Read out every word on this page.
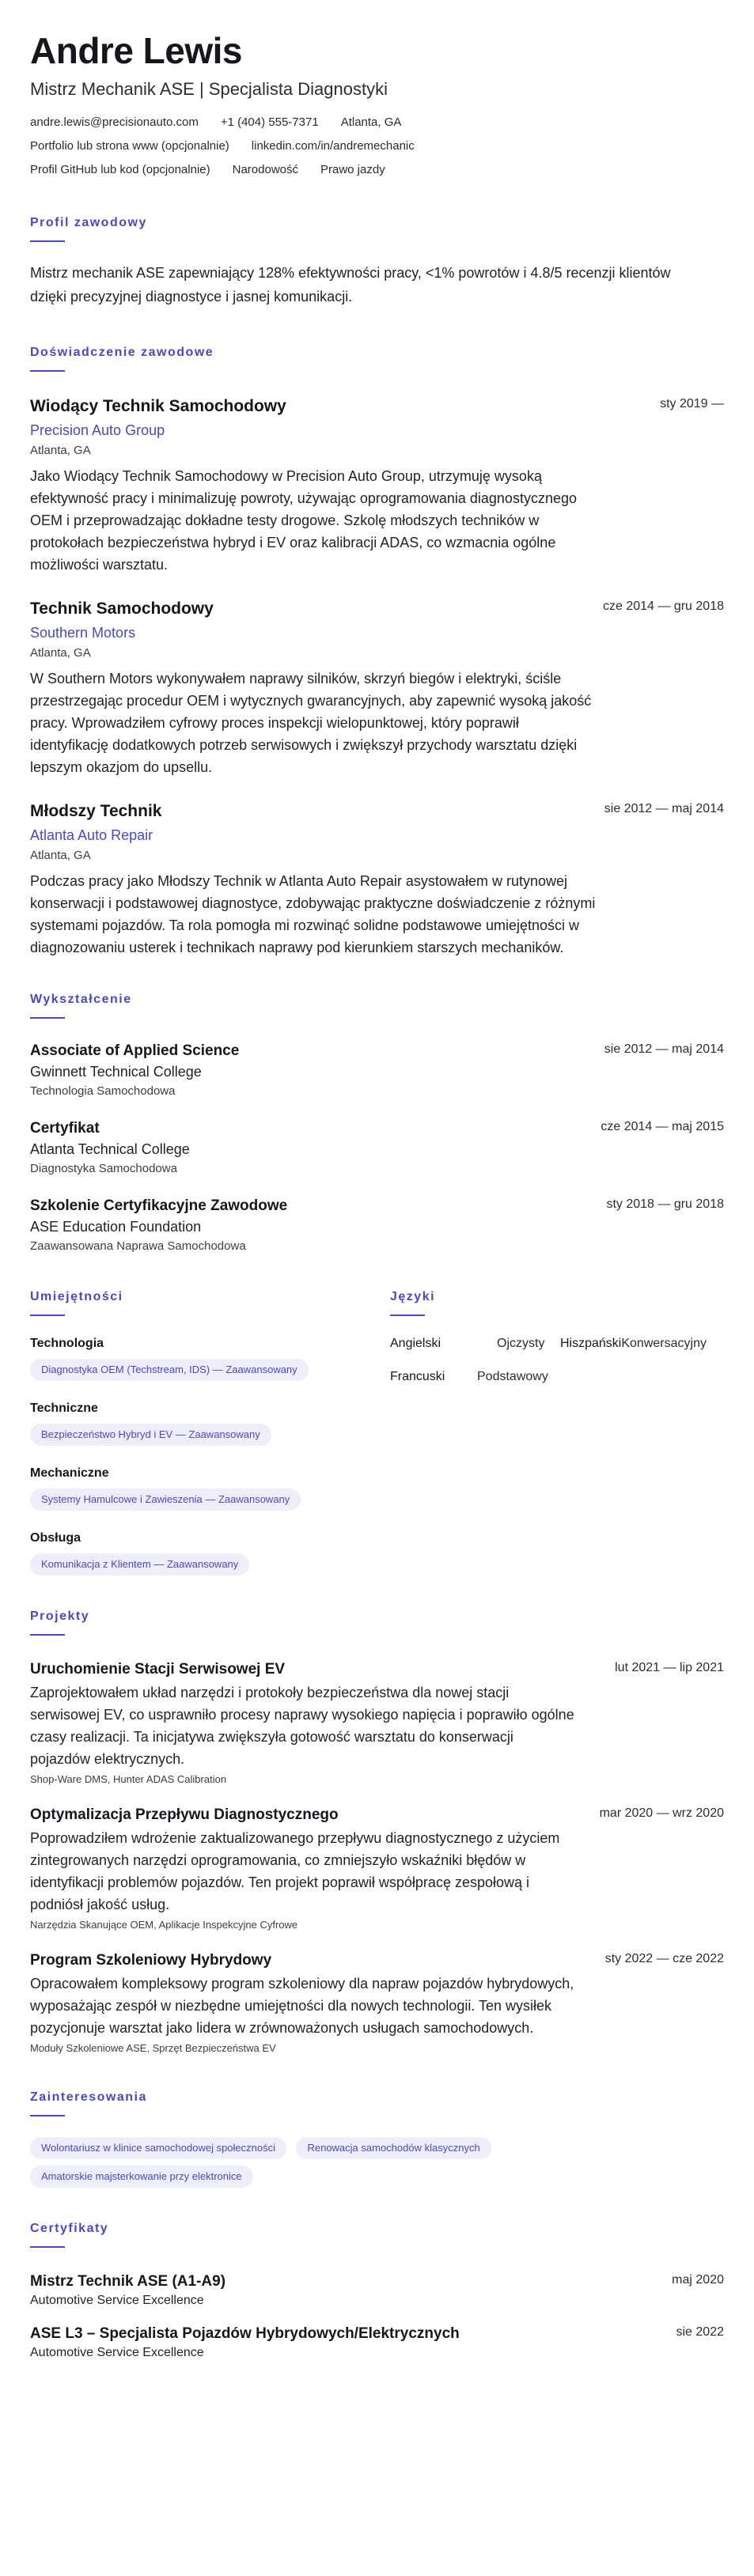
Andre Lewis
Mistrz Mechanik ASE | Specjalista Diagnostyki
andre.lewis@precisionauto.com +1 (404) 555-7371 Atlanta, GA
Portfolio lub strona www (opcjonalnie) linkedin.com/in/andremechanic
Profil GitHub lub kod (opcjonalnie) Narodowość Prawo jazdy
Profil zawodowy
Mistrz mechanik ASE zapewniający 128% efektywności pracy, <1% powrotów i 4.8/5 recenzji klientów dzięki precyzyjnej diagnostyce i jasnej komunikacji.
Doświadczenie zawodowe
Wiodący Technik Samochodowy	sty 2019 —
Precision Auto Group
Atlanta, GA
Jako Wiodący Technik Samochodowy w Precision Auto Group, utrzymuję wysoką efektywność pracy i minimalizuję powroty, używając oprogramowania diagnostycznego OEM i przeprowadzając dokładne testy drogowe. Szkolę młodszych techników w protokołach bezpieczeństwa hybryd i EV oraz kalibracji ADAS, co wzmacnia ogólne możliwości warsztatu.
Technik Samochodowy	cze 2014 — gru 2018
Southern Motors
Atlanta, GA
W Southern Motors wykonywałem naprawy silników, skrzyń biegów i elektryki, ściśle przestrzegając procedur OEM i wytycznych gwarancyjnych, aby zapewnić wysoką jakość pracy. Wprowadziłem cyfrowy proces inspekcji wielopunktowej, który poprawił identyfikację dodatkowych potrzeb serwisowych i zwiększył przychody warsztatu dzięki lepszym okazjom do upsellu.
Młodszy Technik	sie 2012 — maj 2014
Atlanta Auto Repair
Atlanta, GA
Podczas pracy jako Młodszy Technik w Atlanta Auto Repair asystowałem w rutynowej konserwacji i podstawowej diagnostyce, zdobywając praktyczne doświadczenie z różnymi systemami pojazdów. Ta rola pomogła mi rozwinąć solidne podstawowe umiejętności w diagnozowaniu usterek i technikach naprawy pod kierunkiem starszych mechaników.
Wykształcenie
Associate of Applied Science	sie 2012 — maj 2014
Gwinnett Technical College
Technologia Samochodowa
Certyfikat	cze 2014 — maj 2015
Atlanta Technical College
Diagnostyka Samochodowa
Szkolenie Certyfikacyjne Zawodowe	sty 2018 — gru 2018
ASE Education Foundation
Zaawansowana Naprawa Samochodowa
Umiejętności
Technologia
Diagnostyka OEM (Techstream, IDS) — Zaawansowany
Techniczne
Bezpieczeństwo Hybryd i EV — Zaawansowany
Mechaniczne
Systemy Hamulcowe i Zawieszenia — Zaawansowany
Obsługa
Komunikacja z Klientem — Zaawansowany
Języki
Angielski	Ojczysty Hiszpański Konwersacyjny
Francuski	Podstawowy
Projekty
Uruchomienie Stacji Serwisowej EV	lut 2021 — lip 2021
Zaprojektowałem układ narzędzi i protokoły bezpieczeństwa dla nowej stacji serwisowej EV, co usprawniło procesy naprawy wysokiego napięcia i poprawiło ogólne czasy realizacji. Ta inicjatywa zwiększyła gotowość warsztatu do konserwacji pojazdów elektrycznych.
Shop-Ware DMS, Hunter ADAS Calibration
Optymalizacja Przepływu Diagnostycznego	mar 2020 — wrz 2020
Poprowadziłem wdrożenie zaktualizowanego przepływu diagnostycznego z użyciem zintegrowanych narzędzi oprogramowania, co zmniejszyło wskaźniki błędów w identyfikacji problemów pojazdów. Ten projekt poprawił współpracę zespołową i podniósł jakość usług.
Narzędzia Skanujące OEM, Aplikacje Inspekcyjne Cyfrowe
Program Szkoleniowy Hybrydowy	sty 2022 — cze 2022
Opracowałem kompleksowy program szkoleniowy dla napraw pojazdów hybrydowych, wyposażając zespół w niezbędne umiejętności dla nowych technologii. Ten wysiłek pozycjonuje warsztat jako lidera w zrównoważonych usługach samochodowych.
Moduły Szkoleniowe ASE, Sprzęt Bezpieczeństwa EV
Zainteresowania
Wolontariusz w klinice samochodowej społeczności	Renowacja samochodów klasycznych Amatorskie majsterkowanie przy elektronice
Certyfikaty
Mistrz Technik ASE (A1-A9)	maj 2020
Automotive Service Excellence
ASE L3 – Specjalista Pojazdów Hybrydowych/Elektrycznych	sie 2022
Automotive Service Excellence
